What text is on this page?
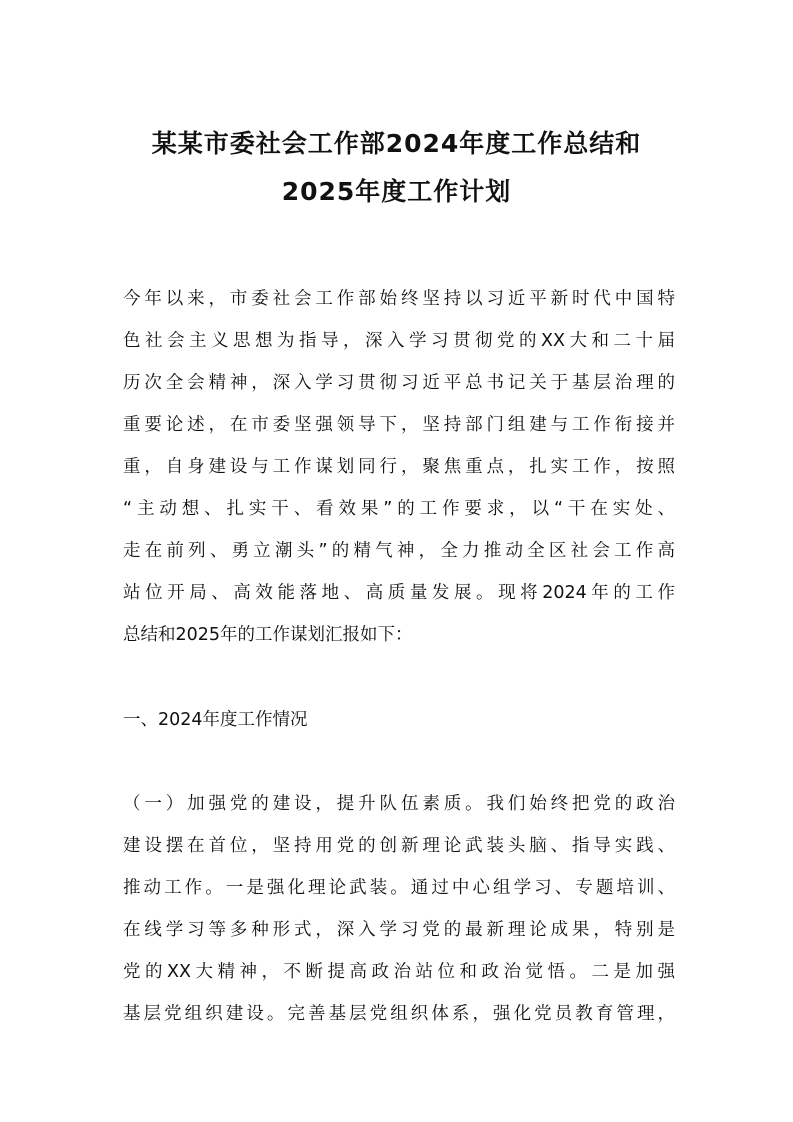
某某市委社会工作部2024年度工作总结和
2025年度工作计划
今年以来，市委社会工作部始终坚持以习近平新时代中国特
色社会主义思想为指导，深入学习贯彻党的XX大和二十届
历次全会精神，深入学习贯彻习近平总书记关于基层治理的
重要论述，在市委坚强领导下，坚持部门组建与工作衔接并
重，自身建设与工作谋划同行，聚焦重点，扎实工作，按照
“主动想、扎实干、看效果”的工作要求，以“干在实处、
走在前列、勇立潮头”的精气神，全力推动全区社会工作高
站位开局、高效能落地、高质量发展。现将2024年的工作
总结和2025年的工作谋划汇报如下：
一、2024年度工作情况
（一）加强党的建设，提升队伍素质。我们始终把党的政治
建设摆在首位，坚持用党的创新理论武装头脑、指导实践、
推动工作。一是强化理论武装。通过中心组学习、专题培训、
在线学习等多种形式，深入学习党的最新理论成果，特别是
党的XX大精神，不断提高政治站位和政治觉悟。二是加强
基层党组织建设。完善基层党组织体系，强化党员教育管理，
